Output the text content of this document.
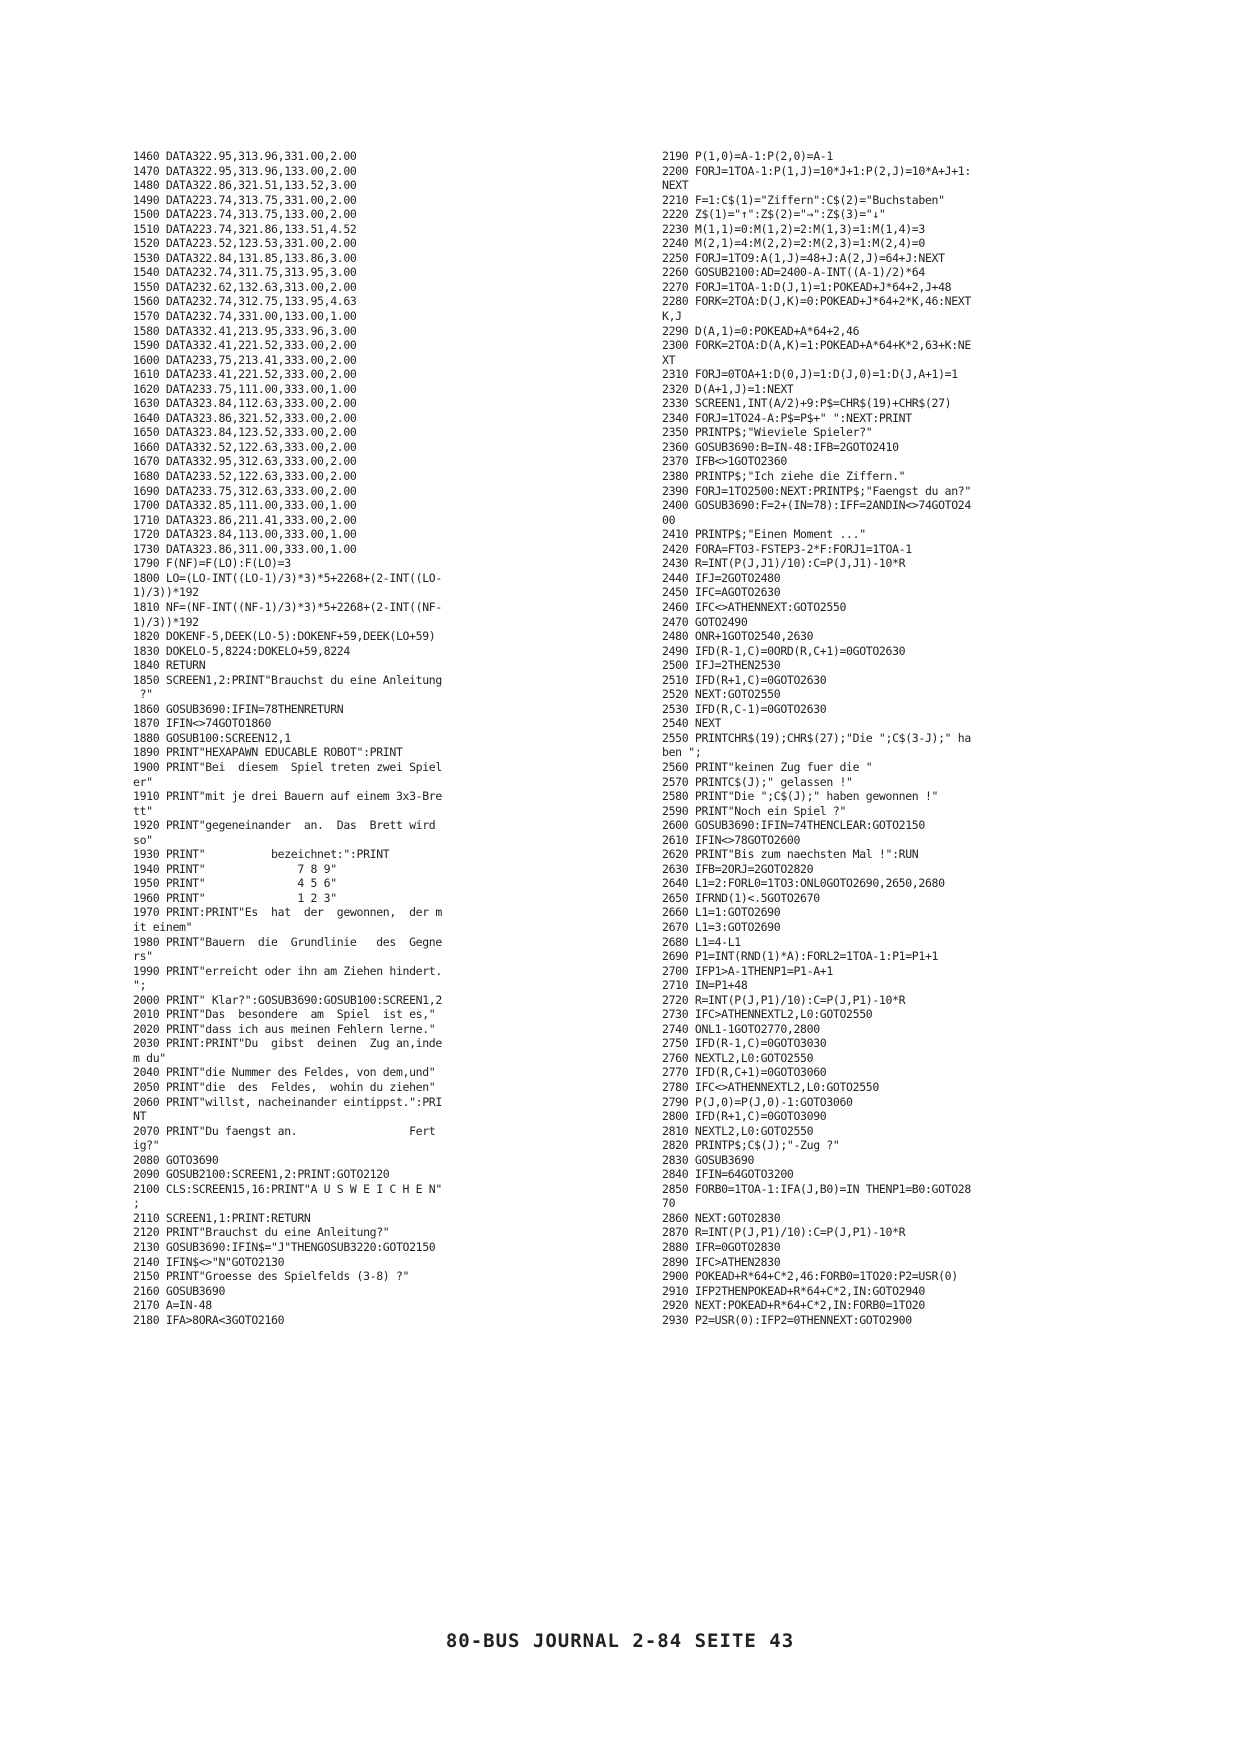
1460 DATA322.95,313.96,331.00,2.00
1470 DATA322.95,313.96,133.00,2.00
1480 DATA322.86,321.51,133.52,3.00
1490 DATA223.74,313.75,331.00,2.00
1500 DATA223.74,313.75,133.00,2.00
1510 DATA223.74,321.86,133.51,4.52
1520 DATA223.52,123.53,331.00,2.00
1530 DATA322.84,131.85,133.86,3.00
1540 DATA232.74,311.75,313.95,3.00
1550 DATA232.62,132.63,313.00,2.00
1560 DATA232.74,312.75,133.95,4.63
1570 DATA232.74,331.00,133.00,1.00
1580 DATA332.41,213.95,333.96,3.00
1590 DATA332.41,221.52,333.00,2.00
1600 DATA233,75,213.41,333.00,2.00
1610 DATA233.41,221.52,333.00,2.00
1620 DATA233.75,111.00,333.00,1.00
1630 DATA323.84,112.63,333.00,2.00
1640 DATA323.86,321.52,333.00,2.00
1650 DATA323.84,123.52,333.00,2.00
1660 DATA332.52,122.63,333.00,2.00
1670 DATA332.95,312.63,333.00,2.00
1680 DATA233.52,122.63,333.00,2.00
1690 DATA233.75,312.63,333.00,2.00
1700 DATA332.85,111.00,333.00,1.00
1710 DATA323.86,211.41,333.00,2.00
1720 DATA323.84,113.00,333.00,1.00
1730 DATA323.86,311.00,333.00,1.00
1790 F(NF)=F(LO):F(LO)=3
1800 LO=(LO-INT((LO-1)/3)*3)*5+2268+(2-INT((LO-
1)/3))*192
1810 NF=(NF-INT((NF-1)/3)*3)*5+2268+(2-INT((NF-
1)/3))*192
1820 DOKENF-5,DEEK(LO-5):DOKENF+59,DEEK(LO+59)
1830 DOKELO-5,8224:DOKELO+59,8224
1840 RETURN
1850 SCREEN1,2:PRINT"Brauchst du eine Anleitung
?"
1860 GOSUB3690:IFIN=78THENRETURN
1870 IFIN<>74GOTO1860
1880 GOSUB100:SCREEN12,1
1890 PRINT"HEXAPAWN EDUCABLE ROBOT":PRINT
1900 PRINT"Bei  diesem  Spiel treten zwei Spiel
er"
1910 PRINT"mit je drei Bauern auf einem 3x3-Bre
tt"
1920 PRINT"gegeneinander  an.  Das  Brett wird
so"
1930 PRINT"          bezeichnet:":PRINT
1940 PRINT"              7 8 9"
1950 PRINT"              4 5 6"
1960 PRINT"              1 2 3"
1970 PRINT:PRINT"Es  hat  der  gewonnen,  der m
it einem"
1980 PRINT"Bauern  die  Grundlinie   des  Gegne
rs"
1990 PRINT"erreicht oder ihn am Ziehen hindert.
";
2000 PRINT" Klar?":GOSUB3690:GOSUB100:SCREEN1,2
2010 PRINT"Das  besondere  am  Spiel  ist es,"
2020 PRINT"dass ich aus meinen Fehlern lerne."
2030 PRINT:PRINT"Du  gibst  deinen  Zug an,inde
m du"
2040 PRINT"die Nummer des Feldes, von dem,und"
2050 PRINT"die  des  Feldes,  wohin du ziehen"
2060 PRINT"willst, nacheinander eintippst.":PRI
NT
2070 PRINT"Du faengst an.                 Fert
ig?"
2080 GOTO3690
2090 GOSUB2100:SCREEN1,2:PRINT:GOTO2120
2100 CLS:SCREEN15,16:PRINT"A U S W E I C H E N"
;
2110 SCREEN1,1:PRINT:RETURN
2120 PRINT"Brauchst du eine Anleitung?"
2130 GOSUB3690:IFIN$="J"THENGOSUB3220:GOTO2150
2140 IFIN$<>"N"GOTO2130
2150 PRINT"Groesse des Spielfelds (3-8) ?"
2160 GOSUB3690
2170 A=IN-48
2180 IFA>8ORA<3GOTO2160
2190 P(1,0)=A-1:P(2,0)=A-1
2200 FORJ=1TOA-1:P(1,J)=10*J+1:P(2,J)=10*A+J+1:
NEXT
2210 F=1:C$(1)="Ziffern":C$(2)="Buchstaben"
2220 Z$(1)="↑":Z$(2)="→":Z$(3)="↓"
2230 M(1,1)=0:M(1,2)=2:M(1,3)=1:M(1,4)=3
2240 M(2,1)=4:M(2,2)=2:M(2,3)=1:M(2,4)=0
2250 FORJ=1TO9:A(1,J)=48+J:A(2,J)=64+J:NEXT
2260 GOSUB2100:AD=2400-A-INT((A-1)/2)*64
2270 FORJ=1TOA-1:D(J,1)=1:POKEAD+J*64+2,J+48
2280 FORK=2TOA:D(J,K)=0:POKEAD+J*64+2*K,46:NEXT
K,J
2290 D(A,1)=0:POKEAD+A*64+2,46
2300 FORK=2TOA:D(A,K)=1:POKEAD+A*64+K*2,63+K:NE
XT
2310 FORJ=0TOA+1:D(0,J)=1:D(J,0)=1:D(J,A+1)=1
2320 D(A+1,J)=1:NEXT
2330 SCREEN1,INT(A/2)+9:P$=CHR$(19)+CHR$(27)
2340 FORJ=1TO24-A:P$=P$+" ":NEXT:PRINT
2350 PRINTP$;"Wieviele Spieler?"
2360 GOSUB3690:B=IN-48:IFB=2GOTO2410
2370 IFB<>1GOTO2360
2380 PRINTP$;"Ich ziehe die Ziffern."
2390 FORJ=1TO2500:NEXT:PRINTP$;"Faengst du an?"
2400 GOSUB3690:F=2+(IN=78):IFF=2ANDIN<>74GOTO24
00
2410 PRINTP$;"Einen Moment ..."
2420 FORA=FTO3-FSTEP3-2*F:FORJ1=1TOA-1
2430 R=INT(P(J,J1)/10):C=P(J,J1)-10*R
2440 IFJ=2GOTO2480
2450 IFC=AGOTO2630
2460 IFC<>ATHENNEXT:GOTO2550
2470 GOTO2490
2480 ONR+1GOTO2540,2630
2490 IFD(R-1,C)=0ORD(R,C+1)=0GOTO2630
2500 IFJ=2THEN2530
2510 IFD(R+1,C)=0GOTO2630
2520 NEXT:GOTO2550
2530 IFD(R,C-1)=0GOTO2630
2540 NEXT
2550 PRINTCHR$(19);CHR$(27);"Die ";C$(3-J);" ha
ben ";
2560 PRINT"keinen Zug fuer die "
2570 PRINTC$(J);" gelassen !"
2580 PRINT"Die ";C$(J);" haben gewonnen !"
2590 PRINT"Noch ein Spiel ?"
2600 GOSUB3690:IFIN=74THENCLEAR:GOTO2150
2610 IFIN<>78GOTO2600
2620 PRINT"Bis zum naechsten Mal !":RUN
2630 IFB=2ORJ=2GOTO2820
2640 L1=2:FORL0=1TO3:ONL0GOTO2690,2650,2680
2650 IFRND(1)<.5GOTO2670
2660 L1=1:GOTO2690
2670 L1=3:GOTO2690
2680 L1=4-L1
2690 P1=INT(RND(1)*A):FORL2=1TOA-1:P1=P1+1
2700 IFP1>A-1THENP1=P1-A+1
2710 IN=P1+48
2720 R=INT(P(J,P1)/10):C=P(J,P1)-10*R
2730 IFC>ATHENNEXTL2,L0:GOTO2550
2740 ONL1-1GOTO2770,2800
2750 IFD(R-1,C)=0GOTO3030
2760 NEXTL2,L0:GOTO2550
2770 IFD(R,C+1)=0GOTO3060
2780 IFC<>ATHENNEXTL2,L0:GOTO2550
2790 P(J,0)=P(J,0)-1:GOTO3060
2800 IFD(R+1,C)=0GOTO3090
2810 NEXTL2,L0:GOTO2550
2820 PRINTP$;C$(J);"-Zug ?"
2830 GOSUB3690
2840 IFIN=64GOTO3200
2850 FORB0=1TOA-1:IFA(J,B0)=IN THENP1=B0:GOTO28
70
2860 NEXT:GOTO2830
2870 R=INT(P(J,P1)/10):C=P(J,P1)-10*R
2880 IFR=0GOTO2830
2890 IFC>ATHEN2830
2900 POKEAD+R*64+C*2,46:FORB0=1TO20:P2=USR(0)
2910 IFP2THENPOKEAD+R*64+C*2,IN:GOTO2940
2920 NEXT:POKEAD+R*64+C*2,IN:FORB0=1TO20
2930 P2=USR(0):IFP2=0THENNEXT:GOTO2900
80-BUS JOURNAL 2-84 SEITE 43
